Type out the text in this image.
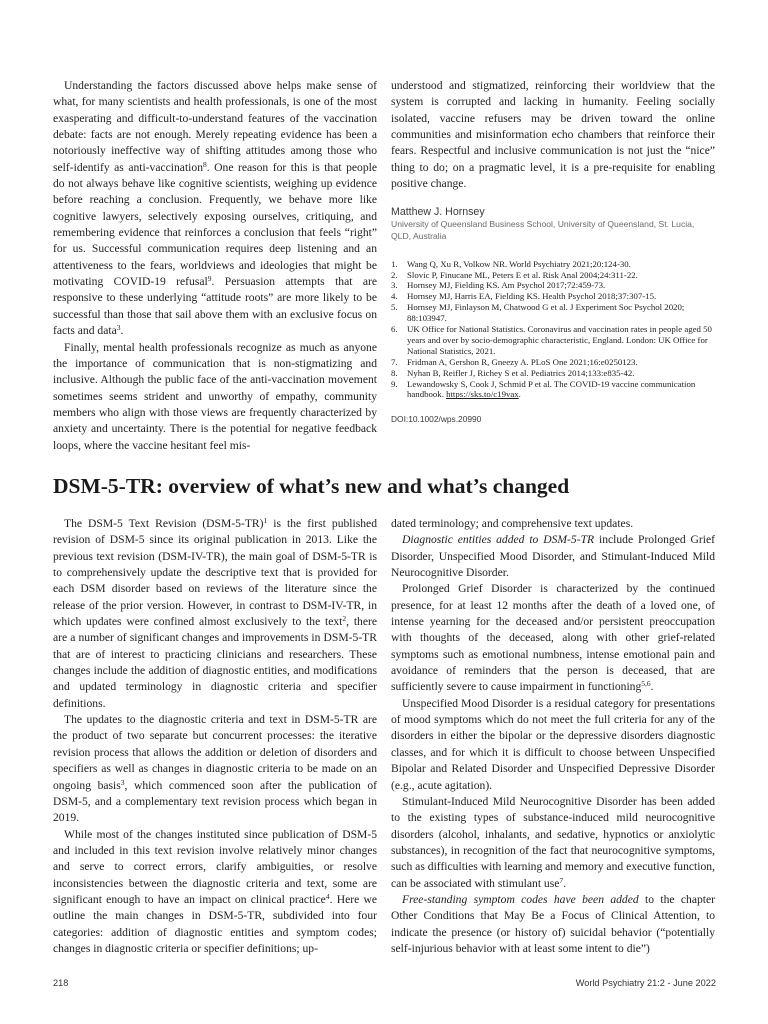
Understanding the factors discussed above helps make sense of what, for many scientists and health professionals, is one of the most exasperating and difficult-to-understand features of the vaccination debate: facts are not enough. Merely repeating evidence has been a notoriously ineffective way of shifting attitudes among those who self-identify as anti-vaccination$^8$. One reason for this is that people do not always behave like cognitive scientists, weighing up evidence before reaching a conclusion. Frequently, we behave more like cognitive lawyers, selectively exposing ourselves, critiquing, and remembering evidence that reinforces a conclusion that feels “right” for us. Successful communication requires deep listening and an attentiveness to the fears, worldviews and ideologies that might be motivating COVID-19 refusal$^9$. Persuasion attempts that are responsive to these underlying “attitude roots” are more likely to be successful than those that sail above them with an exclusive focus on facts and data$^3$.

Finally, mental health professionals recognize as much as anyone the importance of communication that is non-stigmatizing and inclusive. Although the public face of the anti-vaccination movement sometimes seems strident and unworthy of empathy, community members who align with those views are frequently characterized by anxiety and uncertainty. There is the potential for negative feedback loops, where the vaccine hesitant feel mis-

understood and stigmatized, reinforcing their worldview that the system is corrupted and lacking in humanity. Feeling socially isolated, vaccine refusers may be driven toward the online communities and misinformation echo chambers that reinforce their fears. Respectful and inclusive communication is not just the “nice” thing to do; on a pragmatic level, it is a pre-requisite for enabling positive change.

Matthew J. Hornsey
University of Queensland Business School, University of Queensland, St. Lucia, QLD, Australia
1.	Wang Q, Xu R, Volkow NR. World Psychiatry 2021;20:124-30.
2.	Slovic P, Finucane ML, Peters E et al. Risk Anal 2004;24:311-22.
3.	Hornsey MJ, Fielding KS. Am Psychol 2017;72:459-73.
4.	Hornsey MJ, Harris EA, Fielding KS. Health Psychol 2018;37:307-15.
5.	Hornsey MJ, Finlayson M, Chatwood G et al. J Experiment Soc Psychol 2020; 88:103947.
6.	UK Office for National Statistics. Coronavirus and vaccination rates in people aged 50 years and over by socio-demographic characteristic, England. London: UK Office for National Statistics, 2021.
7.	Fridman A, Gershon R, Gneezy A. PLoS One 2021;16:e0250123.
8.	Nyhan B, Reifler J, Richey S et al. Pediatrics 2014;133:e835-42.
9.	Lewandowsky S, Cook J, Schmid P et al. The COVID-19 vaccine communication handbook. https://sks.to/c19vax.
DOI:10.1002/wps.20990
DSM-5-TR: overview of what’s new and what’s changed

The DSM-5 Text Revision $(DSM-5-TR)^1$ is the first published revision of DSM-5 since its original publication in 2013. Like the previous text revision (DSM-IV-TR), the main goal of DSM-5-TR is to comprehensively update the descriptive text that is provided for each DSM disorder based on reviews of the literature since the release of the prior version. However, in contrast to DSM-IV-TR, in which updates were confined almost exclusively to the text$^2$, there are a number of significant changes and improvements in DSM-5-TR that are of interest to practicing clinicians and researchers. These changes include the addition of diagnostic entities, and modifications and updated terminology in diagnostic criteria and specifier definitions.

The updates to the diagnostic criteria and text in DSM-5-TR are the product of two separate but concurrent processes: the iterative revision process that allows the addition or deletion of disorders and specifiers as well as changes in diagnostic criteria to be made on an ongoing basis$^3$, which commenced soon after the publication of DSM-5, and a complementary text revision process which began in 2019.

While most of the changes instituted since publication of DSM-5 and included in this text revision involve relatively minor changes and serve to correct errors, clarify ambiguities, or resolve inconsistencies between the diagnostic criteria and text, some are significant enough to have an impact on clinical practice$^4$. Here we outline the main changes in DSM-5-TR, subdivided into four categories: addition of diagnostic entities and symptom codes; changes in diagnostic criteria or specifier definitions; up-

dated terminology; and comprehensive text updates.

Diagnostic entities added to DSM-5-TR include Prolonged Grief Disorder, Unspecified Mood Disorder, and Stimulant-Induced Mild Neurocognitive Disorder.

Prolonged Grief Disorder is characterized by the continued presence, for at least 12 months after the death of a loved one, of intense yearning for the deceased and/or persistent preoccupation with thoughts of the deceased, along with other grief-related symptoms such as emotional numbness, intense emotional pain and avoidance of reminders that the person is deceased, that are sufficiently severe to cause impairment in functioning$^{5,6}$.

Unspecified Mood Disorder is a residual category for presentations of mood symptoms which do not meet the full criteria for any of the disorders in either the bipolar or the depressive disorders diagnostic classes, and for which it is difficult to choose between Unspecified Bipolar and Related Disorder and Unspecified Depressive Disorder (e.g., acute agitation).

Stimulant-Induced Mild Neurocognitive Disorder has been added to the existing types of substance-induced mild neurocognitive disorders (alcohol, inhalants, and sedative, hypnotics or anxiolytic substances), in recognition of the fact that neurocognitive symptoms, such as difficulties with learning and memory and executive function, can be associated with stimulant use$^7$.

Free-standing symptom codes have been added to the chapter Other Conditions that May Be a Focus of Clinical Attention, to indicate the presence (or history of) suicidal behavior (“potentially self-injurious behavior with at least some intent to die”)

218	World Psychiatry 21:2 - June 2022
